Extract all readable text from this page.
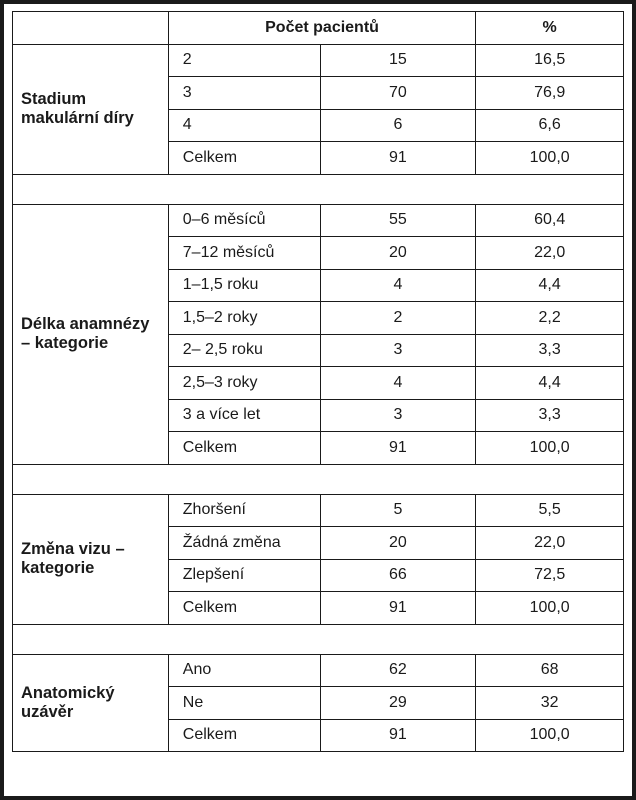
	Počet pacientů		%
Stadium makulární díry	2	15	16,5
	3	70	76,9
	4	6	6,6
	Celkem	91	100,0

Délka anamnézy – kategorie	0–6 měsíců	55	60,4
	7–12 měsíců	20	22,0
	1–1,5 roku	4	4,4
	1,5–2 roky	2	2,2
	2– 2,5 roku	3	3,3
	2,5–3 roky	4	4,4
	3 a více let	3	3,3
	Celkem	91	100,0

Změna vizu – kategorie	Zhoršení	5	5,5
	Žádná změna	20	22,0
	Zlepšení	66	72,5
	Celkem	91	100,0

Anatomický uzávěr	Ano	62	68
	Ne	29	32
	Celkem	91	100,0
